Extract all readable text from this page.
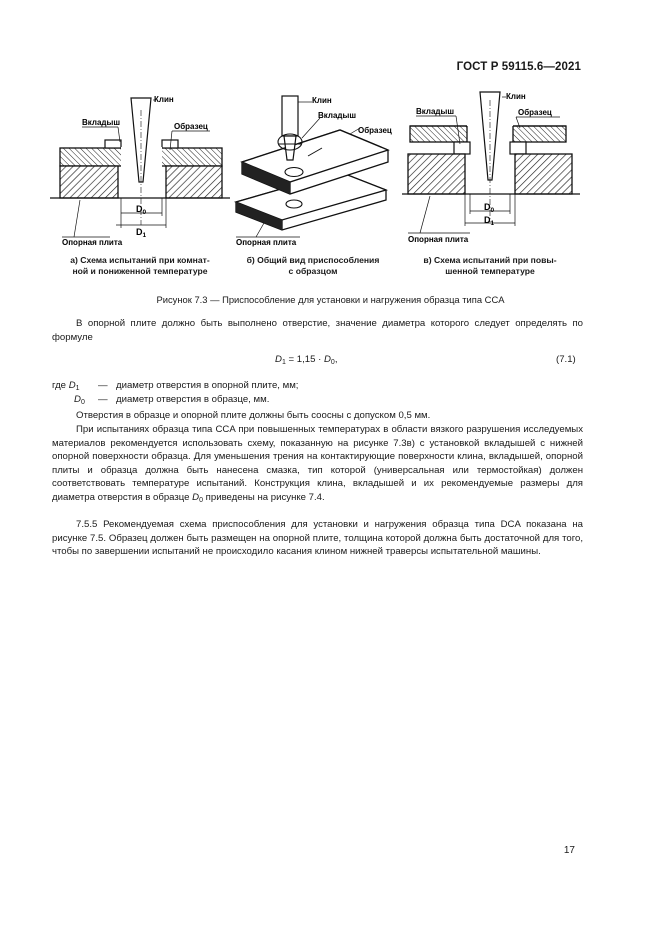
ГОСТ Р 59115.6—2021
$D_0$
$D_1$
Клин
Вкладыш	Образец
Опорная плита
Клин
Вкладыш
Образец
Опорная плита
$D_0$
$D_1$
Клин
Вкладыш	Образец
Опорная плита
а) Схема испытаний при комнат-
ной и пониженной температуре
б) Общий вид приспособления
с образцом
в) Схема испытаний при повы-
шенной температуре
Рисунок 7.3 — Приспособление для установки и нагружения образца типа CCA

В опорной плите должно быть выполнено отверстие, значение диаметра которого следует определять по формуле

$D_1 = 1,15 \cdot D_0$,	(7.1)
где $D_1$ — диаметр отверстия в опорной плите, мм;
$D_0$ — диаметр отверстия в образце, мм.

Отверстия в образце и опорной плите должны быть соосны с допуском 0,5 мм.

При испытаниях образца типа CCA при повышенных температурах в области вязкого разрушения исследуемых материалов рекомендуется использовать схему, показанную на рисунке 7.3в) с установкой вкладышей с нижней опорной поверхности образца. Для уменьшения трения на контактирующие поверхности клина, вкладышей, опорной плиты и образца должна быть нанесена смазка, тип которой (универсальная или термостойкая) должен соответствовать температуре испытаний. Конструкция клина, вкладышей и их рекомендуемые размеры для диаметра отверстия в образце $D_0$ приведены на рисунке 7.4.

7.5.5 Рекомендуемая схема приспособления для установки и нагружения образца типа DCA показана на рисунке 7.5. Образец должен быть размещен на опорной плите, толщина которой должна быть достаточной для того, чтобы по завершении испытаний не происходило касания клином нижней траверсы испытательной машины.

17
